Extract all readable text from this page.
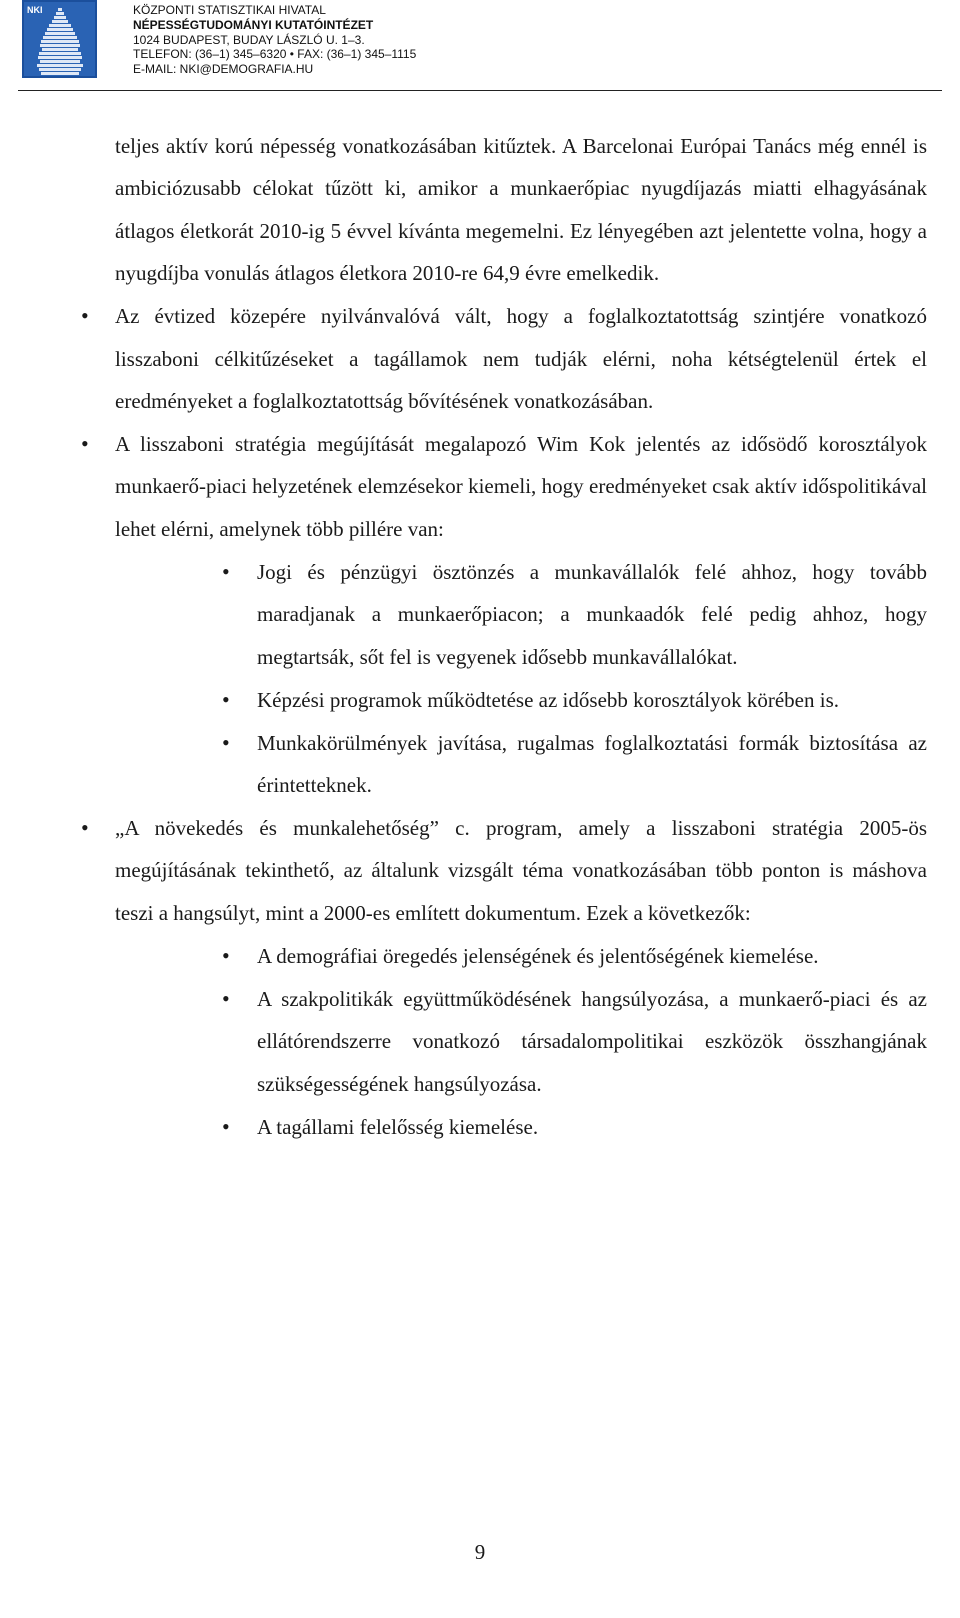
NKI	KÖZPONTI STATISZTIKAI HIVATAL
NÉPESSÉGTUDOMÁNYI KUTATÓINTÉZET
1024 BUDAPEST, BUDAY LÁSZLÓ U. 1–3.
TELEFON: (36–1) 345–6320 • FAX: (36–1) 345–1115
E-MAIL: NKI@DEMOGRAFIA.HU

teljes aktív korú népesség vonatkozásában kitűztek. A Barcelonai Európai Tanács még ennél is ambiciózusabb célokat tűzött ki, amikor a munkaerőpiac nyugdíjazás miatti elhagyásának átlagos életkorát 2010-ig 5 évvel kívánta megemelni. Ez lényegében azt jelentette volna, hogy a nyugdíjba vonulás átlagos életkora 2010-re 64,9 évre emelkedik.

• Az évtized közepére nyilvánvalóvá vált, hogy a foglalkoztatottság szintjére vonatkozó lisszaboni célkitűzéseket a tagállamok nem tudják elérni, noha kétségtelenül értek el eredményeket a foglalkoztatottság bővítésének vonatkozásában.

• A lisszaboni stratégia megújítását megalapozó Wim Kok jelentés az idősödő korosztályok munkaerő-piaci helyzetének elemzésekor kiemeli, hogy eredményeket csak aktív időspolitikával lehet elérni, amelynek több pillére van:

• Jogi és pénzügyi ösztönzés a munkavállalók felé ahhoz, hogy tovább maradjanak a munkaerőpiacon; a munkaadók felé pedig ahhoz, hogy megtartsák, sőt fel is vegyenek idősebb munkavállalókat.

• Képzési programok működtetése az idősebb korosztályok körében is.

• Munkakörülmények javítása, rugalmas foglalkoztatási formák biztosítása az érintetteknek.

• „A növekedés és munkalehetőség” c. program, amely a lisszaboni stratégia 2005-ös megújításának tekinthető, az általunk vizsgált téma vonatkozásában több ponton is máshova teszi a hangsúlyt, mint a 2000-es említett dokumentum. Ezek a következők:

• A demográfiai öregedés jelenségének és jelentőségének kiemelése.

• A szakpolitikák együttműködésének hangsúlyozása, a munkaerő-piaci és az ellátórendszerre vonatkozó társadalompolitikai eszközök összhangjának szükségességének hangsúlyozása.

• A tagállami felelősség kiemelése.

9
